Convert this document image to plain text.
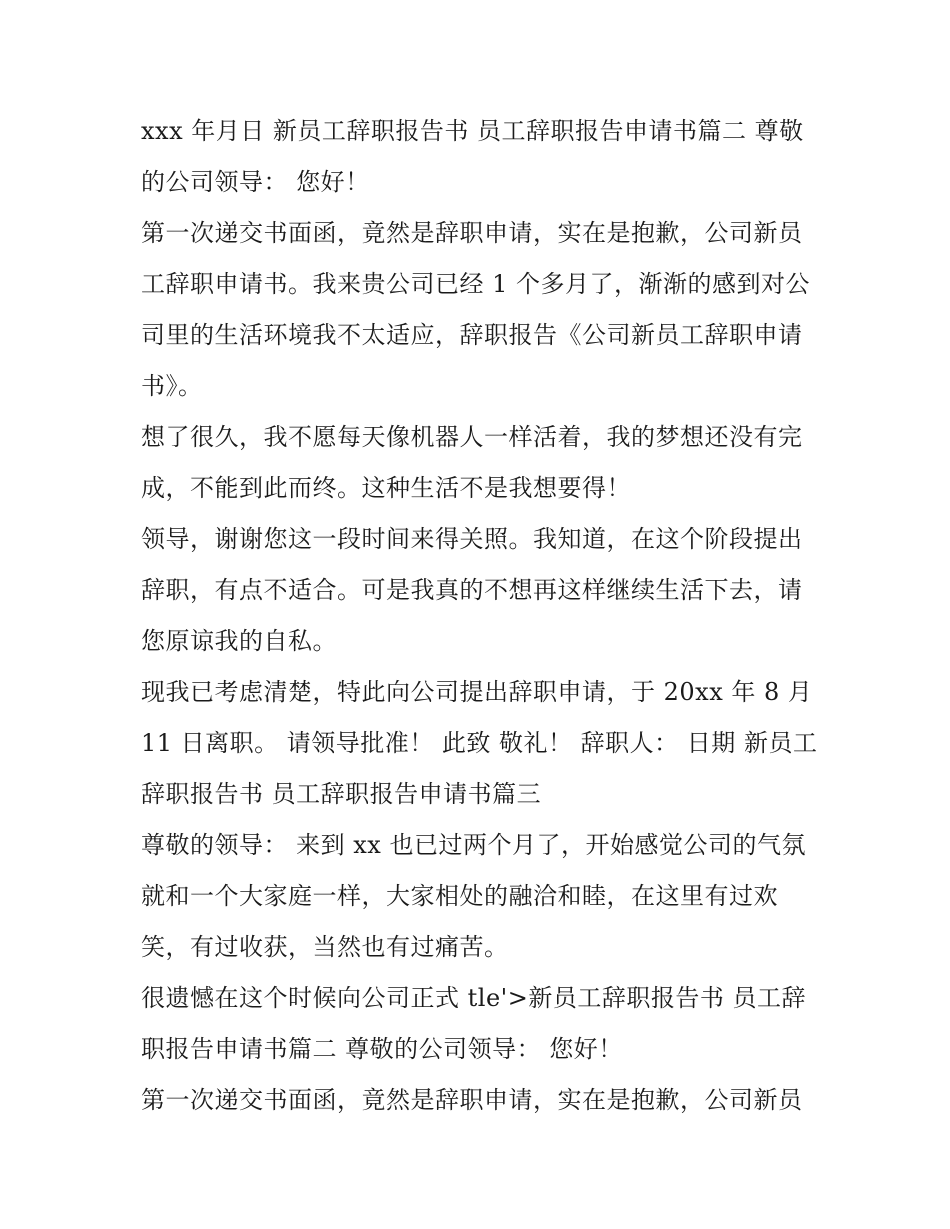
xxx 年月日 新员工辞职报告书 员工辞职报告申请书篇二 尊敬的公司领导： 您好！

第一次递交书面函，竟然是辞职申请，实在是抱歉，公司新员工辞职申请书。我来贵公司已经 1 个多月了，渐渐的感到对公司里的生活环境我不太适应，辞职报告《公司新员工辞职申请书》。

想了很久，我不愿每天像机器人一样活着，我的梦想还没有完成，不能到此而终。这种生活不是我想要得！

领导，谢谢您这一段时间来得关照。我知道，在这个阶段提出辞职，有点不适合。可是我真的不想再这样继续生活下去，请您原谅我的自私。

现我已考虑清楚，特此向公司提出辞职申请，于 20xx 年 8 月 11 日离职。 请领导批准！ 此致 敬礼！ 辞职人： 日期 新员工辞职报告书 员工辞职报告申请书篇三

尊敬的领导： 来到 xx 也已过两个月了，开始感觉公司的气氛就和一个大家庭一样，大家相处的融洽和睦，在这里有过欢笑，有过收获，当然也有过痛苦。

很遗憾在这个时候向公司正式 tle'>新员工辞职报告书 员工辞职报告申请书篇二 尊敬的公司领导： 您好！

第一次递交书面函，竟然是辞职申请，实在是抱歉，公司新员
